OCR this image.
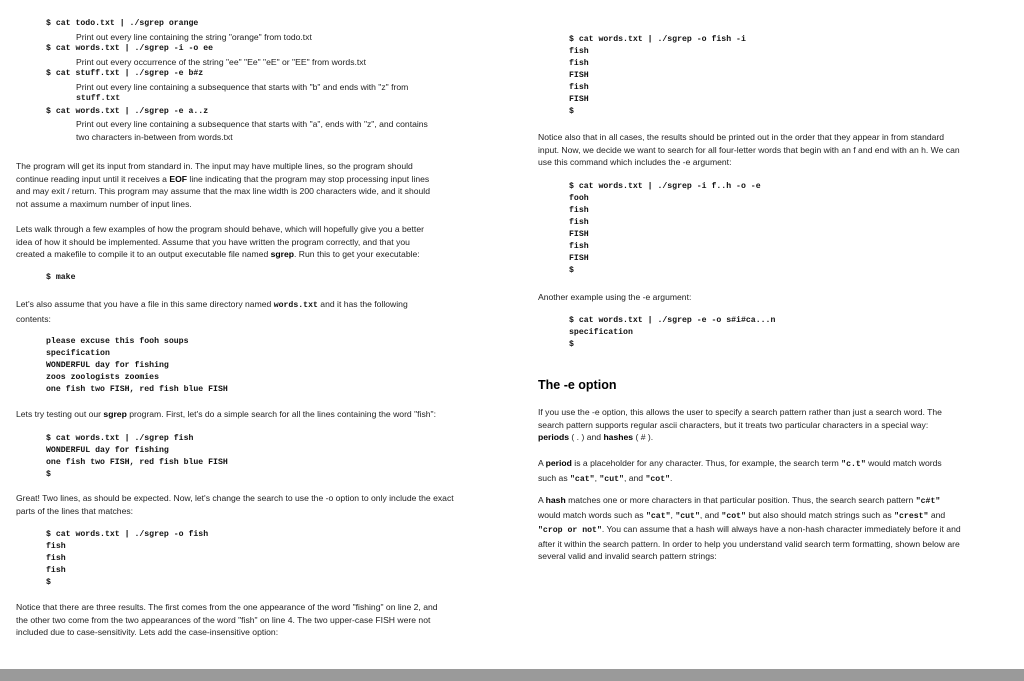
$ cat todo.txt | ./sgrep orange
Print out every line containing the string "orange" from todo.txt
$ cat words.txt | ./sgrep -i -o ee
Print out every occurrence of the string "ee" "Ee" "eE" or "EE" from words.txt
$ cat stuff.txt | ./sgrep -e b#z
Print out every line containing a subsequence that starts with "b" and ends with "z" from
stuff.txt
$ cat words.txt | ./sgrep -e a..z
Print out every line containing a subsequence that starts with "a", ends with "z", and contains
two characters in-between from words.txt
The program will get its input from standard in. The input may have multiple lines, so the program should
continue reading input until it receives a EOF line indicating that the program may stop processing input lines
and may exit / return. This program may assume that the max line width is 200 characters wide, and it should
not assume a maximum number of input lines.
Lets walk through a few examples of how the program should behave, which will hopefully give you a better
idea of how it should be implemented. Assume that you have written the program correctly, and that you
created a makefile to compile it to an output executable file named sgrep. Run this to get your executable:
$ make
Let's also assume that you have a file in this same directory named words.txt and it has the following
contents:
please excuse this fooh soups
specification
WONDERFUL day for fishing
zoos zoologists zoomies
one fish two FISH, red fish blue FISH
Lets try testing out our sgrep program. First, let's do a simple search for all the lines containing the word "fish":
$ cat words.txt | ./sgrep fish
WONDERFUL day for fishing
one fish two FISH, red fish blue FISH
$
Great! Two lines, as should be expected. Now, let's change the search to use the -o option to only include the exact
parts of the lines that matches:
$ cat words.txt | ./sgrep -o fish
fish
fish
fish
$
Notice that there are three results. The first comes from the one appearance of the word "fishing" on line 2, and
the other two come from the two appearances of the word "fish" on line 4. The two upper-case FISH were not
included due to case-sensitivity. Lets add the case-insensitive option:
$ cat words.txt | ./sgrep -o fish -i
fish
fish
FISH
fish
FISH
$
Notice also that in all cases, the results should be printed out in the order that they appear in from standard
input. Now, we decide we want to search for all four-letter words that begin with an f and end with an h. We can
use this command which includes the -e argument:
$ cat words.txt | ./sgrep -i f..h -o -e
fooh
fish
fish
FISH
fish
FISH
$
Another example using the -e argument:
$ cat words.txt | ./sgrep -e -o s#i#ca...n
specification
$
The -e option
If you use the -e option, this allows the user to specify a search pattern rather than just a search word. The
search pattern supports regular ascii characters, but it treats two particular characters in a special way:
periods ( . ) and hashes ( # ).
A period is a placeholder for any character. Thus, for example, the search term "c.t" would match words
such as "cat", "cut", and "cot".
A hash matches one or more characters in that particular position. Thus, the search search pattern "c#t"
would match words such as "cat", "cut", and "cot" but also should match strings such as "crest" and
"crop or not". You can assume that a hash will always have a non-hash character immediately before it and
after it within the search pattern. In order to help you understand valid search term formatting, shown below are
several valid and invalid search pattern strings:
